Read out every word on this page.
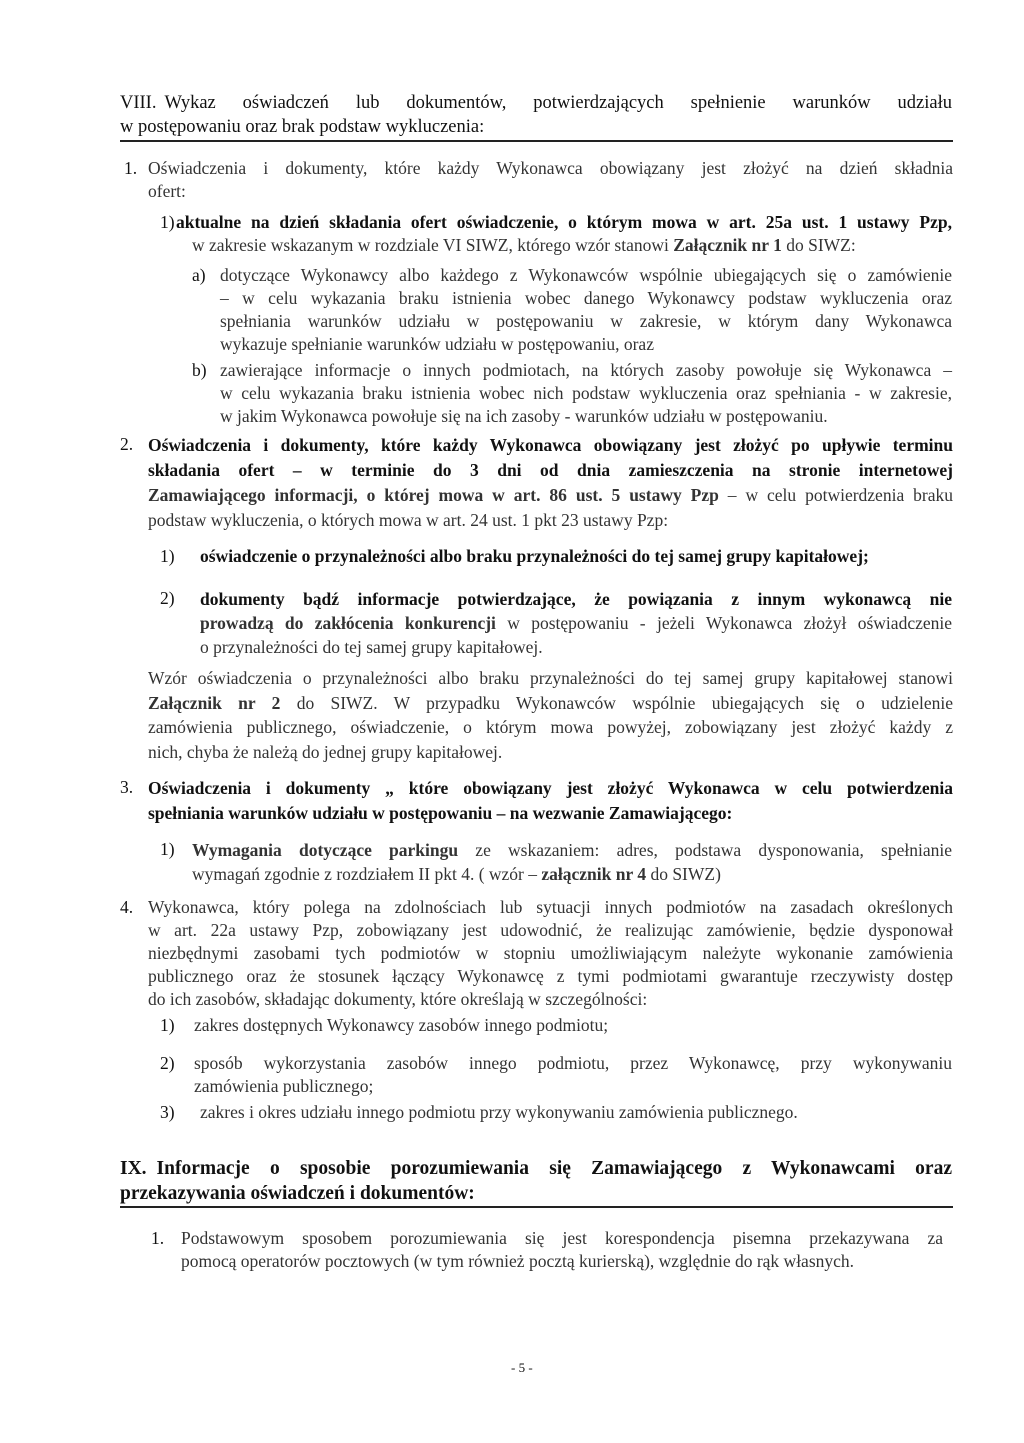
VIII. Wykaz oświadczeń lub dokumentów, potwierdzających spełnienie warunków udziału
w postępowaniu oraz brak podstaw wykluczenia:
1. Oświadczenia i dokumenty, które każdy Wykonawca obowiązany jest złożyć na dzień składnia
ofert:
1) aktualne na dzień składania ofert oświadczenie, o którym mowa w art. 25a ust. 1 ustawy Pzp,
w zakresie wskazanym w rozdziale VI SIWZ, którego wzór stanowi Załącznik nr 1 do SIWZ:
a) dotyczące Wykonawcy albo każdego z Wykonawców wspólnie ubiegających się o zamówienie
– w celu wykazania braku istnienia wobec danego Wykonawcy podstaw wykluczenia oraz
spełniania warunków udziału w postępowaniu w zakresie, w którym dany Wykonawca
wykazuje spełnianie warunków udziału w postępowaniu, oraz
b) zawierające informacje o innych podmiotach, na których zasoby powołuje się Wykonawca –
w celu wykazania braku istnienia wobec nich podstaw wykluczenia oraz spełniania - w zakresie,
w jakim Wykonawca powołuje się na ich zasoby - warunków udziału w postępowaniu.
2. Oświadczenia i dokumenty, które każdy Wykonawca obowiązany jest złożyć po upływie terminu
składania ofert – w terminie do 3 dni od dnia zamieszczenia na stronie internetowej
Zamawiającego informacji, o której mowa w art. 86 ust. 5 ustawy Pzp – w celu potwierdzenia braku
podstaw wykluczenia, o których mowa w art. 24 ust. 1 pkt 23 ustawy Pzp:
1) oświadczenie o przynależności albo braku przynależności do tej samej grupy kapitałowej;
2) dokumenty bądź informacje potwierdzające, że powiązania z innym wykonawcą nie
prowadzą do zakłócenia konkurencji w postępowaniu - jeżeli Wykonawca złożył oświadczenie
o przynależności do tej samej grupy kapitałowej.
Wzór oświadczenia o przynależności albo braku przynależności do tej samej grupy kapitałowej stanowi
Załącznik nr 2 do SIWZ. W przypadku Wykonawców wspólnie ubiegających się o udzielenie
zamówienia publicznego, oświadczenie, o którym mowa powyżej, zobowiązany jest złożyć każdy z
nich, chyba że należą do jednej grupy kapitałowej.
3. Oświadczenia i dokumenty „ które obowiązany jest złożyć Wykonawca w celu potwierdzenia
spełniania warunków udziału w postępowaniu – na wezwanie Zamawiającego:
1) Wymagania dotyczące parkingu ze wskazaniem: adres, podstawa dysponowania, spełnianie
wymagań zgodnie z rozdziałem II pkt 4. ( wzór – załącznik nr 4 do SIWZ)
4. Wykonawca, który polega na zdolnościach lub sytuacji innych podmiotów na zasadach określonych
w art. 22a ustawy Pzp, zobowiązany jest udowodnić, że realizując zamówienie, będzie dysponował
niezbędnymi zasobami tych podmiotów w stopniu umożliwiającym należyte wykonanie zamówienia
publicznego oraz że stosunek łączący Wykonawcę z tymi podmiotami gwarantuje rzeczywisty dostęp
do ich zasobów, składając dokumenty, które określają w szczególności:
1) zakres dostępnych Wykonawcy zasobów innego podmiotu;
2) sposób wykorzystania zasobów innego podmiotu, przez Wykonawcę, przy wykonywaniu
zamówienia publicznego;
3) zakres i okres udziału innego podmiotu przy wykonywaniu zamówienia publicznego.
IX. Informacje o sposobie porozumiewania się Zamawiającego z Wykonawcami oraz
przekazywania oświadczeń i dokumentów:
1. Podstawowym sposobem porozumiewania się jest korespondencja pisemna przekazywana za
pomocą operatorów pocztowych (w tym również pocztą kurierską), względnie do rąk własnych.
- 5 -
